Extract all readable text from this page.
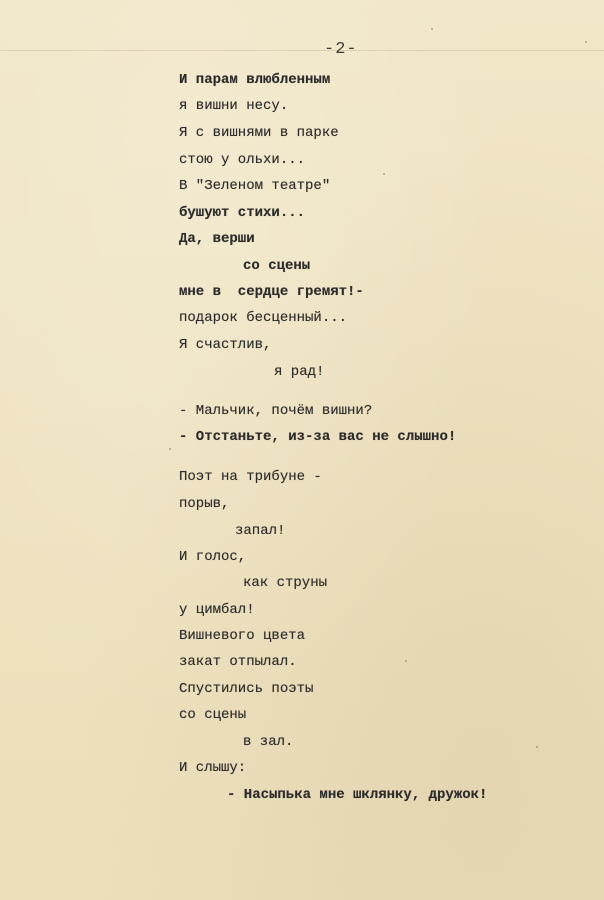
-2-
И парам влюбленным
я вишни несу.
Я с вишнями в парке
стою у ольхи...
В "Зеленом театре"
бушуют стихи...
Да, верши
со сцены
мне в  сердце гремят!-
подарок бесценный...
Я счастлив,
я рад!
- Мальчик, почём вишни?
- Отстаньте, из-за вас не слышно!
Поэт на трибуне -
порыв,
запал!
И голос,
как струны
у цимбал!
Вишневого цвета
закат отпылал.
Спустились поэты
со сцены
в зал.
И слышу:
- Насыпька мне шклянку, дружок!
